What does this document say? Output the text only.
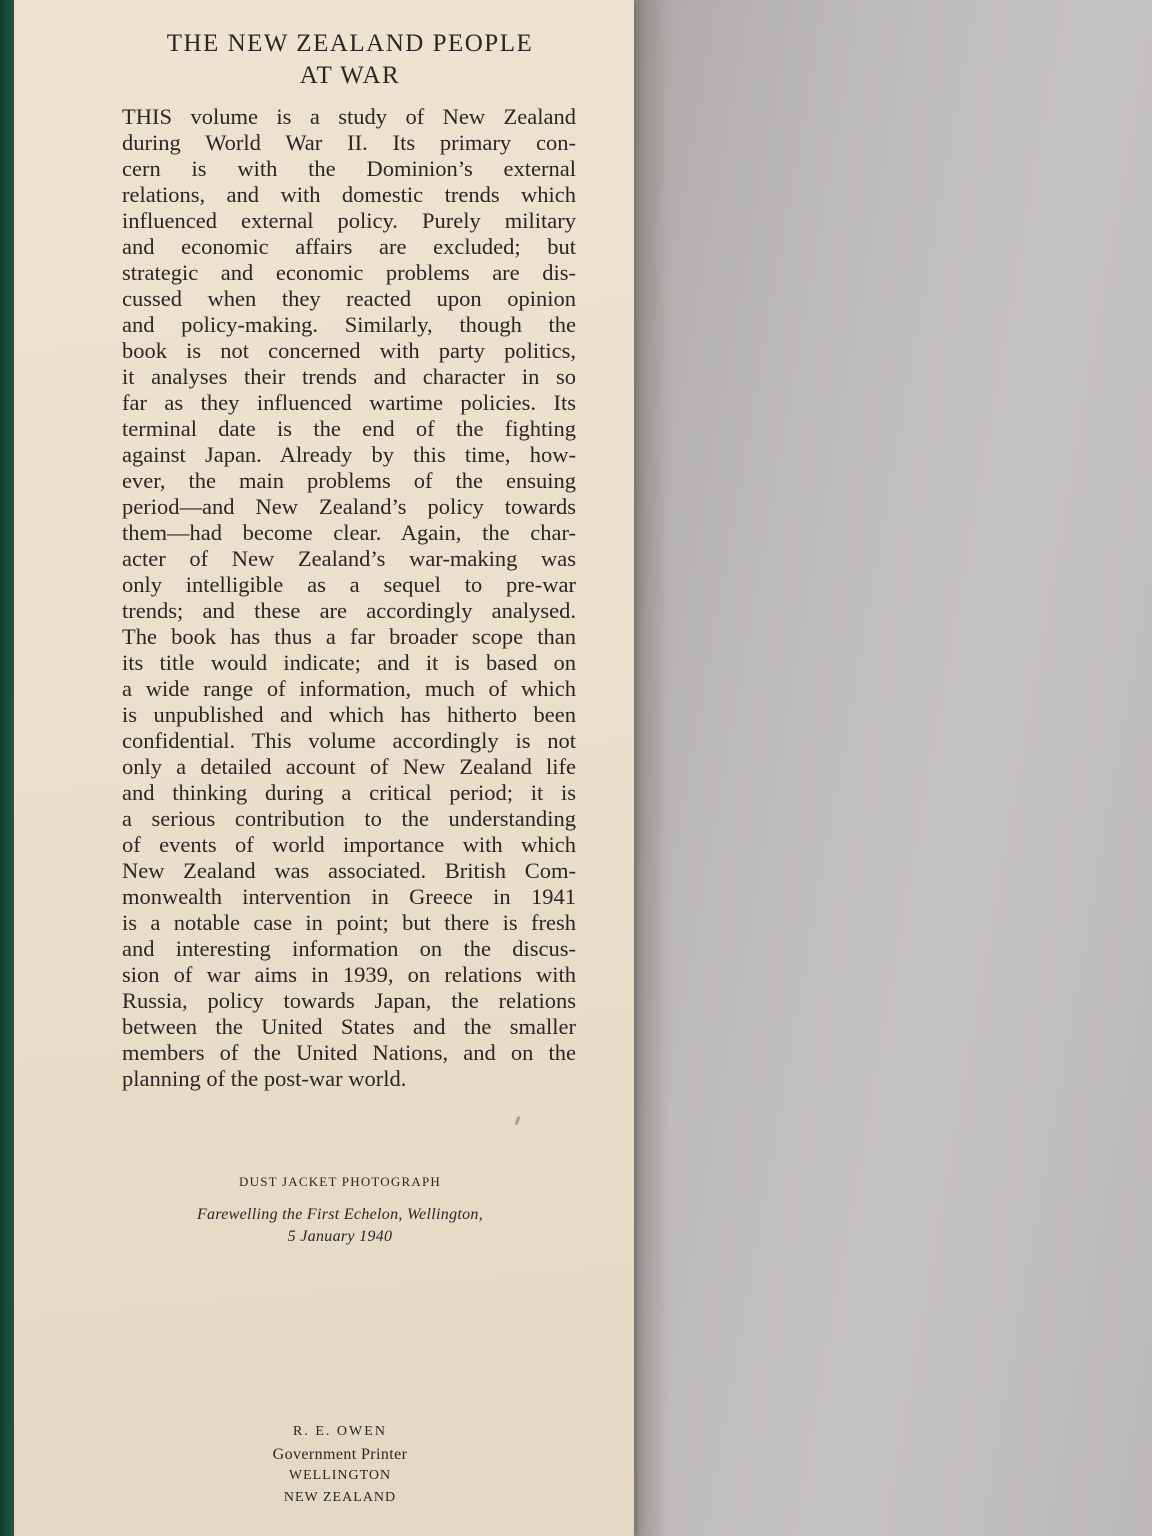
THE NEW ZEALAND PEOPLE

AT WAR

THIS volume is a study of New Zealand
during World War II. Its primary con-
cern is with the Dominion’s external
relations, and with domestic trends which
influenced external policy. Purely military
and economic affairs are excluded; but
strategic and economic problems are dis-
cussed when they reacted upon opinion
and policy-making. Similarly, though the
book is not concerned with party politics,
it analyses their trends and character in so
far as they influenced wartime policies. Its
terminal date is the end of the fighting
against Japan. Already by this time, how-
ever, the main problems of the ensuing
period—and New Zealand’s policy towards
them—had become clear. Again, the char-
acter of New Zealand’s war-making was
only intelligible as a sequel to pre-war
trends; and these are accordingly analysed.
The book has thus a far broader scope than
its title would indicate; and it is based on
a wide range of information, much of which
is unpublished and which has hitherto been
confidential. This volume accordingly is not
only a detailed account of New Zealand life
and thinking during a critical period; it is
a serious contribution to the understanding
of events of world importance with which
New Zealand was associated. British Com-
monwealth intervention in Greece in 1941
is a notable case in point; but there is fresh
and interesting information on the discus-
sion of war aims in 1939, on relations with
Russia, policy towards Japan, the relations
between the United States and the smaller
members of the United Nations, and on the
planning of the post-war world.

DUST JACKET PHOTOGRAPH

Farewelling the First Echelon, Wellington,

5 January 1940

R. E. OWEN

Government Printer

WELLINGTON

NEW ZEALAND
